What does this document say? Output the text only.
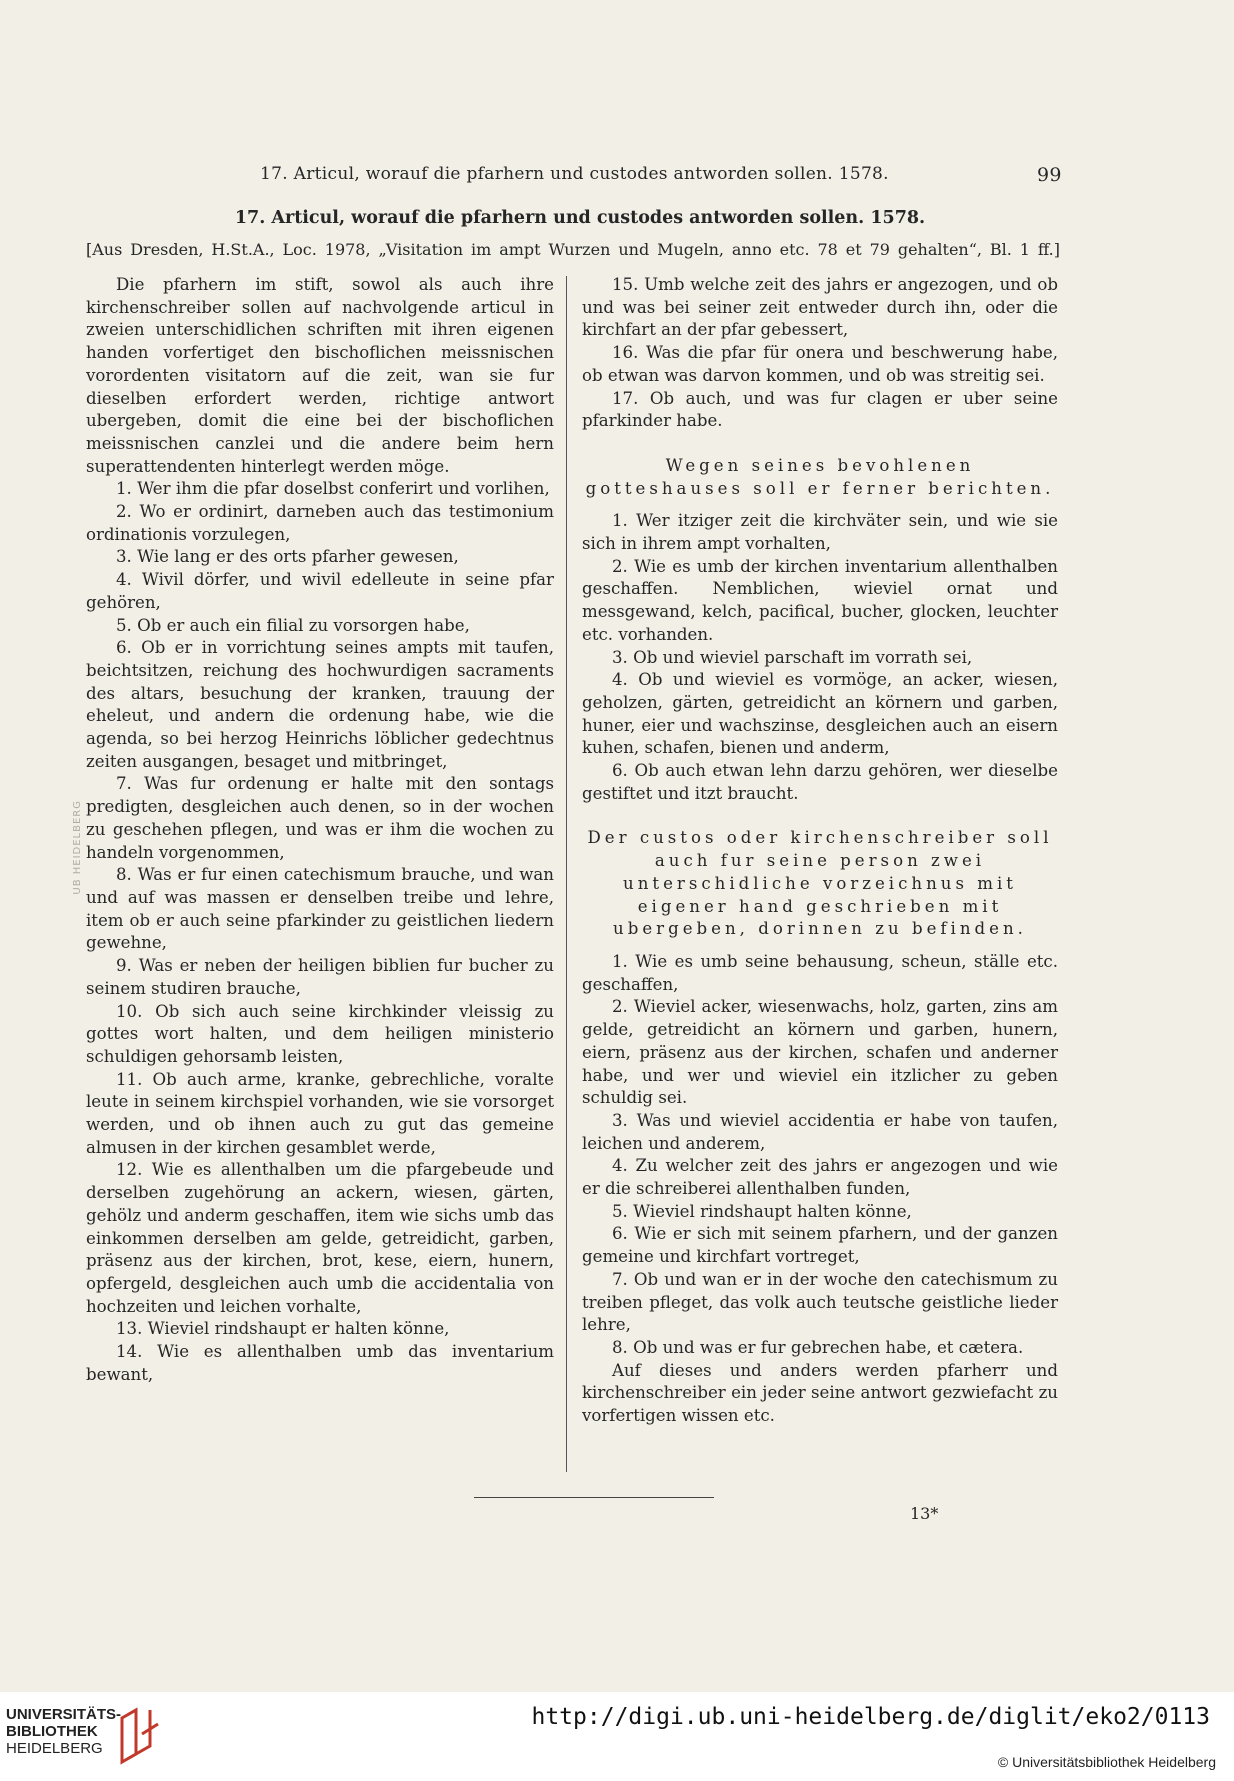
17. Articul, worauf die pfarhern und custodes antworden sollen. 1578.	99
17. Articul, worauf die pfarhern und custodes antworden sollen. 1578.
[Aus Dresden, H.St.A., Loc. 1978, „Visitation im ampt Wurzen und Mugeln, anno etc. 78 et 79 gehalten“, Bl. 1 ff.]
UB HEIDELBERG

Die pfarhern im stift, sowol als auch ihre kirchenschreiber sollen auf nachvolgende articul in zweien unterschidlichen schriften mit ihren eigenen handen vorfertiget den bischoflichen meissnischen vorordenten visitatorn auf die zeit, wan sie fur dieselben erfordert werden, richtige antwort ubergeben, domit die eine bei der bischoflichen meissnischen canzlei und die andere beim hern superattendenten hinterlegt werden möge.

1. Wer ihm die pfar doselbst conferirt und vorlihen,

2. Wo er ordinirt, darneben auch das testimonium ordinationis vorzulegen,

3. Wie lang er des orts pfarher gewesen,

4. Wivil dörfer, und wivil edelleute in seine pfar gehören,

5. Ob er auch ein filial zu vorsorgen habe,

6. Ob er in vorrichtung seines ampts mit taufen, beichtsitzen, reichung des hochwurdigen sacraments des altars, besuchung der kranken, trauung der eheleut, und andern die ordenung habe, wie die agenda, so bei herzog Heinrichs löblicher gedechtnus zeiten ausgangen, besaget und mitbringet,

7. Was fur ordenung er halte mit den sontags predigten, desgleichen auch denen, so in der wochen zu geschehen pflegen, und was er ihm die wochen zu handeln vorgenommen,

8. Was er fur einen catechismum brauche, und wan und auf was massen er denselben treibe und lehre, item ob er auch seine pfarkinder zu geistlichen liedern gewehne,

9. Was er neben der heiligen biblien fur bucher zu seinem studiren brauche,

10. Ob sich auch seine kirchkinder vleissig zu gottes wort halten, und dem heiligen ministerio schuldigen gehorsamb leisten,

11. Ob auch arme, kranke, gebrechliche, voralte leute in seinem kirchspiel vorhanden, wie sie vorsorget werden, und ob ihnen auch zu gut das gemeine almusen in der kirchen gesamblet werde,

12. Wie es allenthalben um die pfargebeude und derselben zugehörung an ackern, wiesen, gärten, gehölz und anderm geschaffen, item wie sichs umb das einkommen derselben am gelde, getreidicht, garben, präsenz aus der kirchen, brot, kese, eiern, hunern, opfergeld, desgleichen auch umb die accidentalia von hochzeiten und leichen vorhalte,

13. Wieviel rindshaupt er halten könne,

14. Wie es allenthalben umb das inventarium bewant,

15. Umb welche zeit des jahrs er angezogen, und ob und was bei seiner zeit entweder durch ihn, oder die kirchfart an der pfar gebessert,

16. Was die pfar für onera und beschwerung habe, ob etwan was darvon kommen, und ob was streitig sei.

17. Ob auch, und was fur clagen er uber seine pfarkinder habe.

Wegen seines bevohlenen gotteshauses soll er ferner berichten.

1. Wer itziger zeit die kirchväter sein, und wie sie sich in ihrem ampt vorhalten,

2. Wie es umb der kirchen inventarium allenthalben geschaffen. Nemblichen, wieviel ornat und messgewand, kelch, pacifical, bucher, glocken, leuchter etc. vorhanden.

3. Ob und wieviel parschaft im vorrath sei,

4. Ob und wieviel es vormöge, an acker, wiesen, geholzen, gärten, getreidicht an körnern und garben, huner, eier und wachszinse, desgleichen auch an eisern kuhen, schafen, bienen und anderm,

6. Ob auch etwan lehn darzu gehören, wer dieselbe gestiftet und itzt braucht.

Der custos oder kirchenschreiber soll auch fur seine person zwei unterschidliche vorzeichnus mit eigener hand geschrieben mit ubergeben, dorinnen zu befinden.

1. Wie es umb seine behausung, scheun, ställe etc. geschaffen,

2. Wieviel acker, wiesenwachs, holz, garten, zins am gelde, getreidicht an körnern und garben, hunern, eiern, präsenz aus der kirchen, schafen und anderner habe, und wer und wieviel ein itzlicher zu geben schuldig sei.

3. Was und wieviel accidentia er habe von taufen, leichen und anderem,

4. Zu welcher zeit des jahrs er angezogen und wie er die schreiberei allenthalben funden,

5. Wieviel rindshaupt halten könne,

6. Wie er sich mit seinem pfarhern, und der ganzen gemeine und kirchfart vortreget,

7. Ob und wan er in der woche den catechismum zu treiben pfleget, das volk auch teutsche geistliche lieder lehre,

8. Ob und was er fur gebrechen habe, et cætera.

Auf dieses und anders werden pfarherr und kirchenschreiber ein jeder seine antwort gezwiefacht zu vorfertigen wissen etc.

13*
UNIVERSITÄTS-
BIBLIOTHEK
HEIDELBERG
http://digi.ub.uni-heidelberg.de/diglit/eko2/0113
© Universitätsbibliothek Heidelberg
